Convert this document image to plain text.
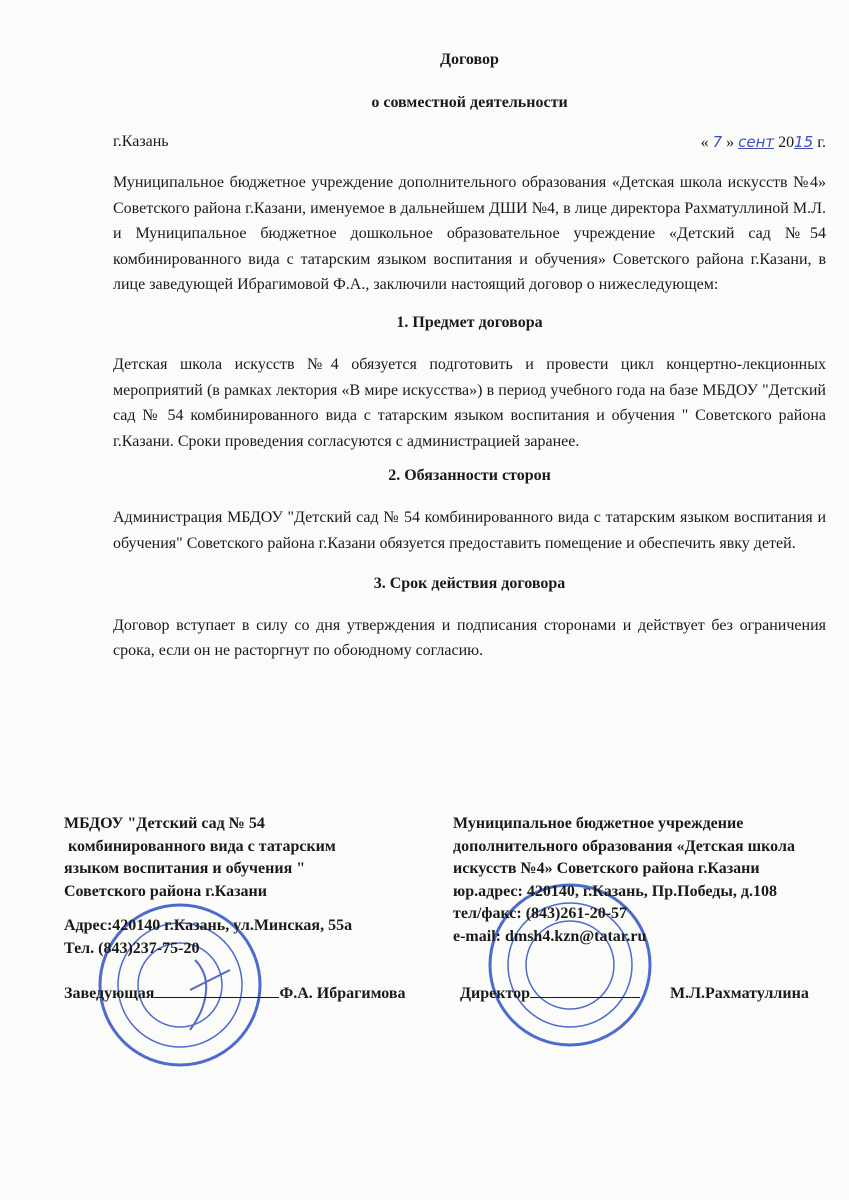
Договор
о совместной деятельности
г.Казань	« 7 » сент 2015 г.
Муниципальное бюджетное учреждение дополнительного образования «Детская школа искусств №4» Советского района г.Казани, именуемое в дальнейшем ДШИ №4, в лице директора Рахматуллиной М.Л. и Муниципальное бюджетное дошкольное образовательное учреждение «Детский сад №54 комбинированного вида с татарским языком воспитания и обучения» Советского района г.Казани, в лице заведующей Ибрагимовой Ф.А., заключили настоящий договор о нижеследующем:
1. Предмет договора
Детская школа искусств №4 обязуется подготовить и провести цикл концертно-лекционных мероприятий (в рамках лектория «В мире искусства») в период учебного года на базе МБДОУ "Детский сад № 54 комбинированного вида с татарским языком воспитания и обучения " Советского района г.Казани. Сроки проведения согласуются с администрацией заранее.
2. Обязанности сторон
Администрация МБДОУ "Детский сад № 54 комбинированного вида с татарским языком воспитания и обучения" Советского района г.Казани обязуется предоставить помещение и обеспечить явку детей.
3. Срок действия договора
Договор вступает в силу со дня утверждения и подписания сторонами и действует без ограничения срока, если он не расторгнут по обоюдному согласию.
МБДОУ "Детский сад № 54
комбинированного вида с татарским
языком воспитания и обучения "
Советского района г.Казани
Адрес:420140 г.Казань, ул.Минская, 55а
Тел. (843)237-75-20
Заведующая	Ф.А. Ибрагимова
Муниципальное бюджетное учреждение
дополнительного образования «Детская школа
искусств №4» Советского района г.Казани
юр.адрес: 420140, г.Казань, Пр.Победы, д.108
тел/факс: (843)261-20-57
e-mail: dmsh4.kzn@tatar.ru
Директор	М.Л.Рахматуллина
